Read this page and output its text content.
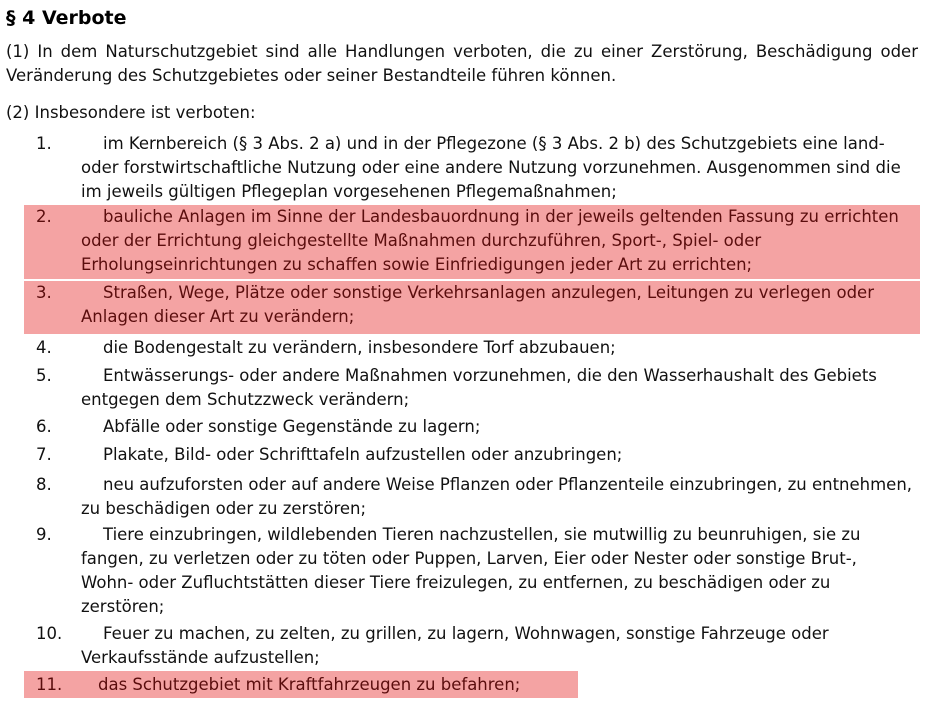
§ 4 Verbote

(1) In dem Naturschutzgebiet sind alle Handlungen verboten, die zu einer Zerstörung, Beschädigung oder Veränderung des Schutzgebietes oder seiner Bestandteile führen können.

(2) Insbesondere ist verboten:

1.	im Kernbereich (§ 3 Abs. 2 a) und in der Pflegezone (§ 3 Abs. 2 b) des Schutzgebiets eine land- oder forstwirtschaftliche Nutzung oder eine andere Nutzung vorzunehmen. Ausgenommen sind die im jeweils gültigen Pflegeplan vorgesehenen Pflegemaßnahmen;
2.	bauliche Anlagen im Sinne der Landesbauordnung in der jeweils geltenden Fassung zu errichten oder der Errichtung gleichgestellte Maßnahmen durchzuführen, Sport-, Spiel- oder Erholungseinrichtungen zu schaffen sowie Einfriedigungen jeder Art zu errichten;
3.	Straßen, Wege, Plätze oder sonstige Verkehrsanlagen anzulegen, Leitungen zu verlegen oder Anlagen dieser Art zu verändern;
4.	die Bodengestalt zu verändern, insbesondere Torf abzubauen;
5.	Entwässerungs- oder andere Maßnahmen vorzunehmen, die den Wasserhaushalt des Gebiets entgegen dem Schutzzweck verändern;
6.	Abfälle oder sonstige Gegenstände zu lagern;
7.	Plakate, Bild- oder Schrifttafeln aufzustellen oder anzubringen;
8.	neu aufzuforsten oder auf andere Weise Pflanzen oder Pflanzenteile einzubringen, zu entnehmen, zu beschädigen oder zu zerstören;
9.	Tiere einzubringen, wildlebenden Tieren nachzustellen, sie mutwillig zu beunruhigen, sie zu fangen, zu verletzen oder zu töten oder Puppen, Larven, Eier oder Nester oder sonstige Brut-, Wohn- oder Zufluchtstätten dieser Tiere freizulegen, zu entfernen, zu beschädigen oder zu zerstören;
10.	Feuer zu machen, zu zelten, zu grillen, zu lagern, Wohnwagen, sonstige Fahrzeuge oder Verkaufsstände aufzustellen;
11.	das Schutzgebiet mit Kraftfahrzeugen zu befahren;
